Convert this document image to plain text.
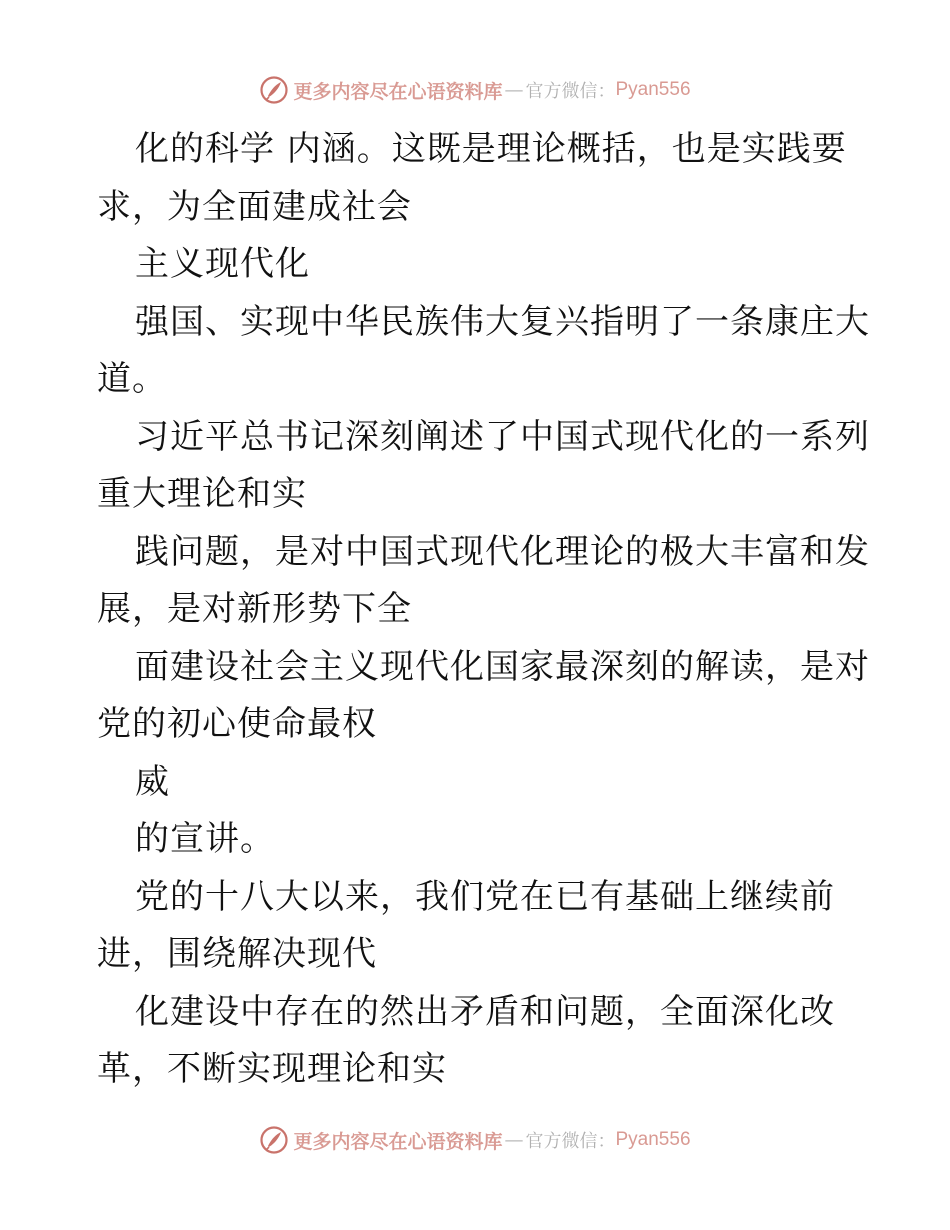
更多内容尽在心语资料库 — 官方微信： Pyan556
化的科学 内涵。这既是理论概括，也是实践要
求，为全面建成社会
主义现代化
强国、实现中华民族伟大复兴指明了一条康庄大
道。
习近平总书记深刻阐述了中国式现代化的一系列
重大理论和实
践问题，是对中国式现代化理论的极大丰富和发
展，是对新形势下全
面建设社会主义现代化国家最深刻的解读，是对
党的初心使命最权
威
的宣讲。
党的十八大以来，我们党在已有基础上继续前
进，围绕解决现代
化建设中存在的然出矛盾和问题，全面深化改
革，不断实现理论和实
更多内容尽在心语资料库 — 官方微信： Pyan556
